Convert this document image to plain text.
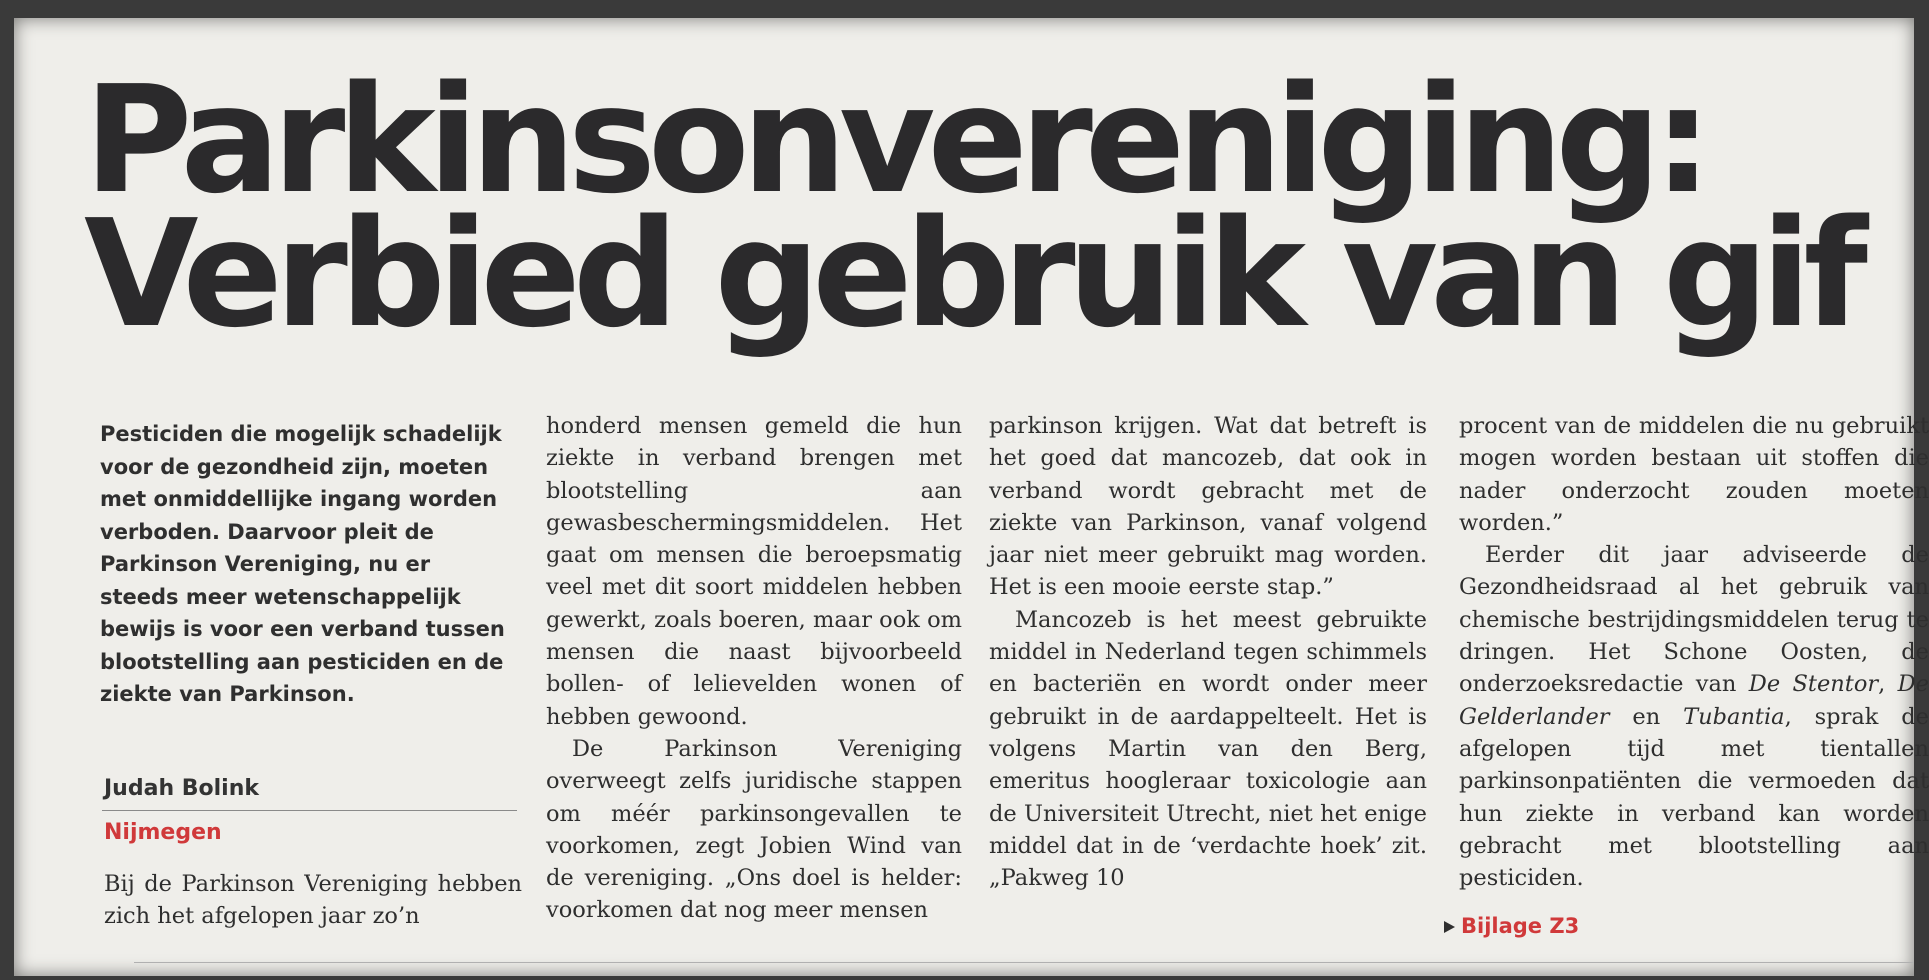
Parkinsonvereniging:
Verbied gebruik van gif

Pesticiden die mogelijk schadelijk voor de gezondheid zijn, moeten met onmiddellijke ingang worden verboden. Daarvoor pleit de Parkinson Vereniging, nu er steeds meer wetenschappelijk bewijs is voor een verband tussen blootstelling aan pesticiden en de ziekte van Parkinson.

Judah Bolink

Nijmegen

Bij de Parkinson Vereniging hebben zich het afgelopen jaar zo’n

honderd mensen gemeld die hun ziekte in verband brengen met blootstelling aan gewasbeschermingsmiddelen. Het gaat om mensen die beroepsmatig veel met dit soort middelen hebben gewerkt, zoals boeren, maar ook om mensen die naast bijvoorbeeld bollen- of lelievelden wonen of hebben gewoond.

De Parkinson Vereniging overweegt zelfs juridische stappen om méér parkinsongevallen te voorkomen, zegt Jobien Wind van de vereniging. „Ons doel is helder: voorkomen dat nog meer mensen

parkinson krijgen. Wat dat betreft is het goed dat mancozeb, dat ook in verband wordt gebracht met de ziekte van Parkinson, vanaf volgend jaar niet meer gebruikt mag worden. Het is een mooie eerste stap.”

Mancozeb is het meest gebruikte middel in Nederland tegen schimmels en bacteriën en wordt onder meer gebruikt in de aardappelteelt. Het is volgens Martin van den Berg, emeritus hoogleraar toxicologie aan de Universiteit Utrecht, niet het enige middel dat in de ‘verdachte hoek’ zit. „Pakweg 10

procent van de middelen die nu gebruikt mogen worden bestaan uit stoffen die nader onderzocht zouden moeten worden.”

Eerder dit jaar adviseerde de Gezondheidsraad al het gebruik van chemische bestrijdingsmiddelen terug te dringen. Het Schone Oosten, de onderzoeksredactie van De Stentor, De Gelderlander en Tubantia, sprak de afgelopen tijd met tientallen parkinsonpatiënten die vermoeden dat hun ziekte in verband kan worden gebracht met blootstelling aan pesticiden.

Bijlage Z3
